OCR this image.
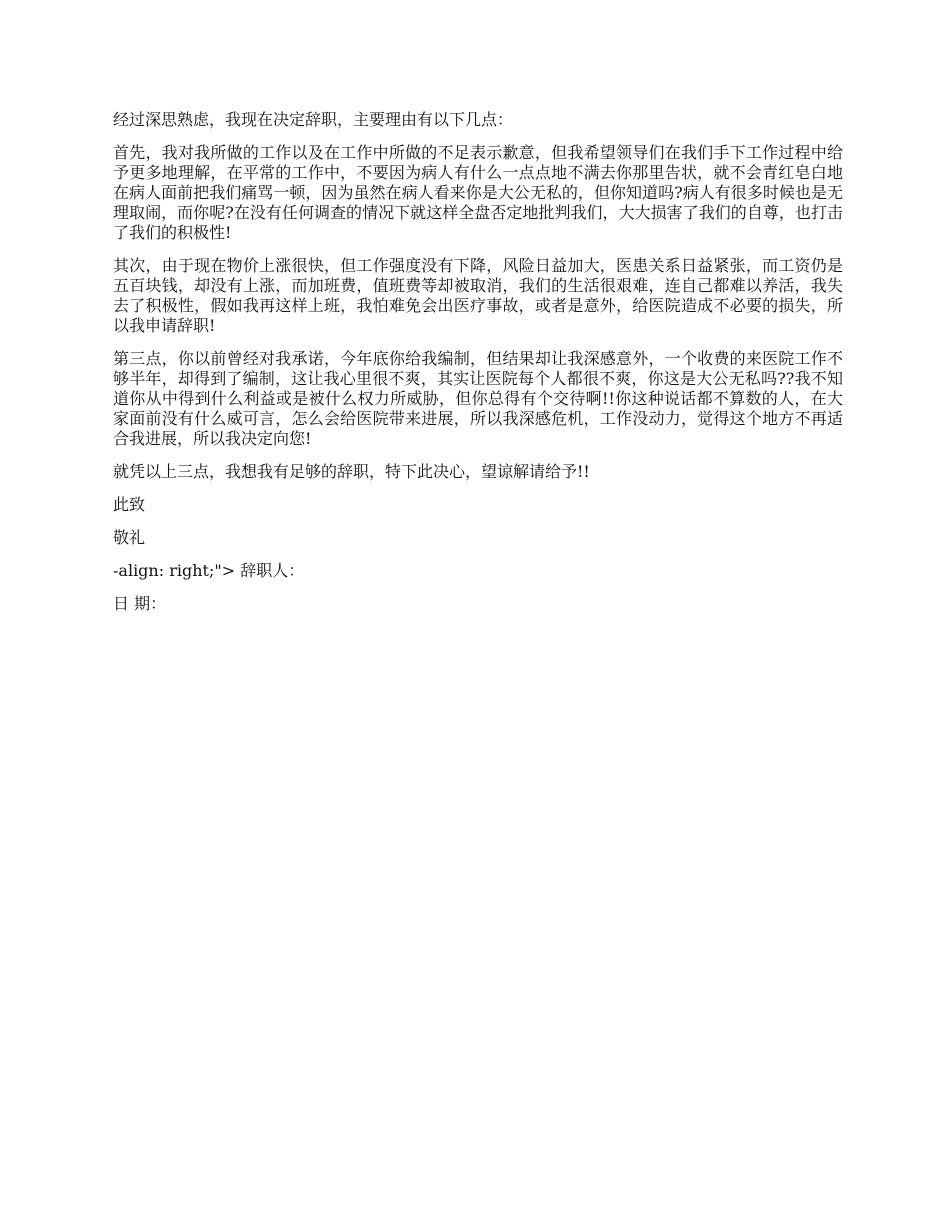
经过深思熟虑，我现在决定辞职，主要理由有以下几点：

首先，我对我所做的工作以及在工作中所做的不足表示歉意，但我希望领导们在我们手下工作过程中给予更多地理解，在平常的工作中，不要因为病人有什么一点点地不满去你那里告状，就不会青红皂白地在病人面前把我们痛骂一顿，因为虽然在病人看来你是大公无私的，但你知道吗?病人有很多时候也是无理取闹，而你呢?在没有任何调查的情况下就这样全盘否定地批判我们，大大损害了我们的自尊，也打击了我们的积极性!

其次，由于现在物价上涨很快，但工作强度没有下降，风险日益加大，医患关系日益紧张，而工资仍是五百块钱，却没有上涨，而加班费，值班费等却被取消，我们的生活很艰难，连自己都难以养活，我失去了积极性，假如我再这样上班，我怕难免会出医疗事故，或者是意外，给医院造成不必要的损失，所以我申请辞职!

第三点，你以前曾经对我承诺，今年底你给我编制，但结果却让我深感意外，一个收费的来医院工作不够半年，却得到了编制，这让我心里很不爽，其实让医院每个人都很不爽，你这是大公无私吗??我不知道你从中得到什么利益或是被什么权力所威胁，但你总得有个交待啊!!你这种说话都不算数的人，在大家面前没有什么威可言，怎么会给医院带来进展，所以我深感危机，工作没动力，觉得这个地方不再适合我进展，所以我决定向您!

就凭以上三点，我想我有足够的辞职，特下此决心，望谅解请给予!!

此致

敬礼

-align: right;"> 辞职人：

日 期：
